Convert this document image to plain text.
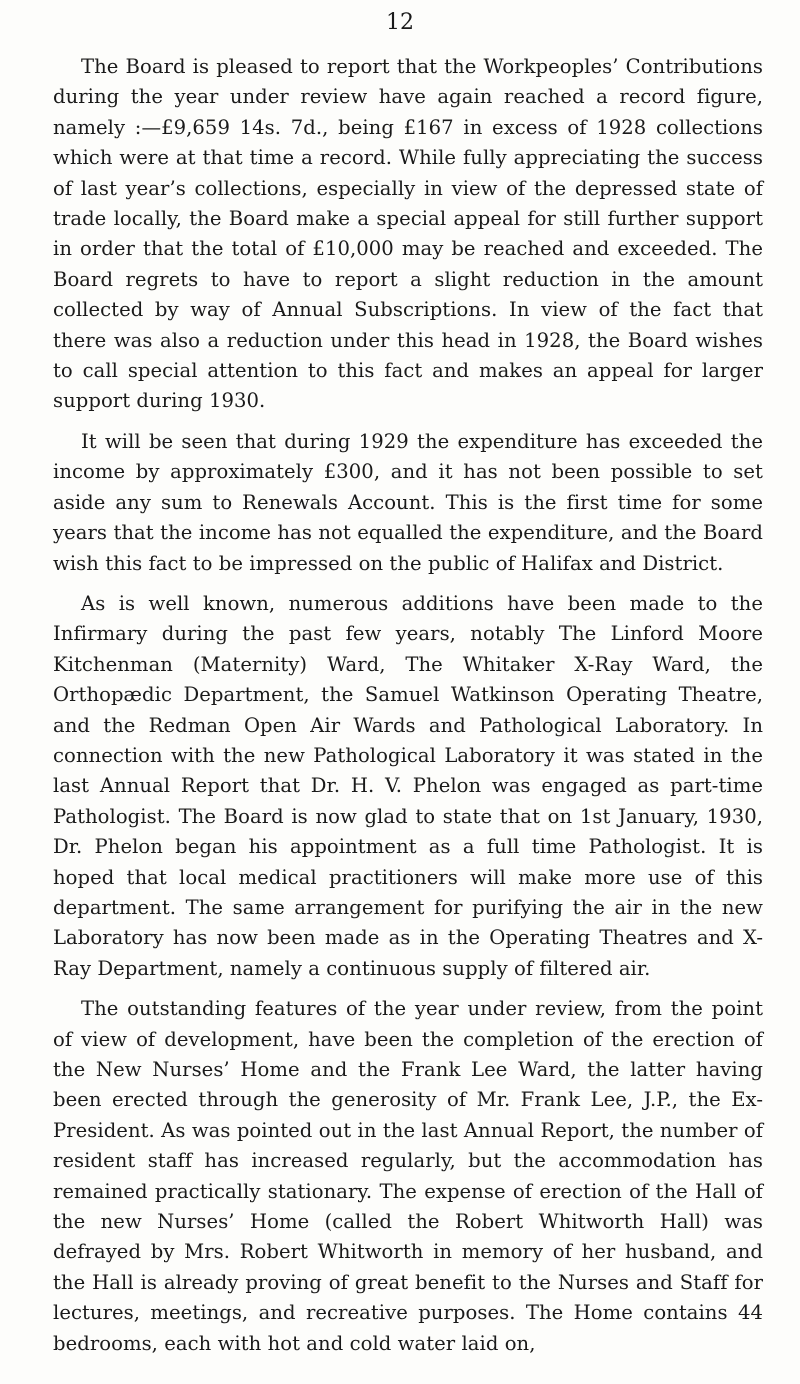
12

The Board is pleased to report that the Workpeoples’ Contributions during the year under review have again reached a record figure, namely :—£9,659 14s. 7d., being £167 in excess of 1928 collections which were at that time a record. While fully appreciating the success of last year’s collections, especially in view of the depressed state of trade locally, the Board make a special appeal for still further support in order that the total of £10,000 may be reached and exceeded. The Board regrets to have to report a slight reduction in the amount collected by way of Annual Subscriptions. In view of the fact that there was also a reduction under this head in 1928, the Board wishes to call special attention to this fact and makes an appeal for larger support during 1930.

It will be seen that during 1929 the expenditure has exceeded the income by approximately £300, and it has not been possible to set aside any sum to Renewals Account. This is the first time for some years that the income has not equalled the expenditure, and the Board wish this fact to be impressed on the public of Halifax and District.

As is well known, numerous additions have been made to the Infirmary during the past few years, notably The Linford Moore Kitchenman (Maternity) Ward, The Whitaker X-Ray Ward, the Orthopædic Department, the Samuel Watkinson Operating Theatre, and the Redman Open Air Wards and Pathological Laboratory. In connection with the new Pathological Laboratory it was stated in the last Annual Report that Dr. H. V. Phelon was engaged as part-time Pathologist. The Board is now glad to state that on 1st January, 1930, Dr. Phelon began his appointment as a full time Pathologist. It is hoped that local medical practitioners will make more use of this department. The same arrangement for purifying the air in the new Laboratory has now been made as in the Operating Theatres and X-Ray Department, namely a continuous supply of filtered air.

The outstanding features of the year under review, from the point of view of development, have been the completion of the erection of the New Nurses’ Home and the Frank Lee Ward, the latter having been erected through the generosity of Mr. Frank Lee, J.P., the Ex-President. As was pointed out in the last Annual Report, the number of resident staff has increased regularly, but the accommodation has remained practically stationary. The expense of erection of the Hall of the new Nurses’ Home (called the Robert Whitworth Hall) was defrayed by Mrs. Robert Whitworth in memory of her husband, and the Hall is already proving of great benefit to the Nurses and Staff for lectures, meetings, and recreative purposes. The Home contains 44 bedrooms, each with hot and cold water laid on,
